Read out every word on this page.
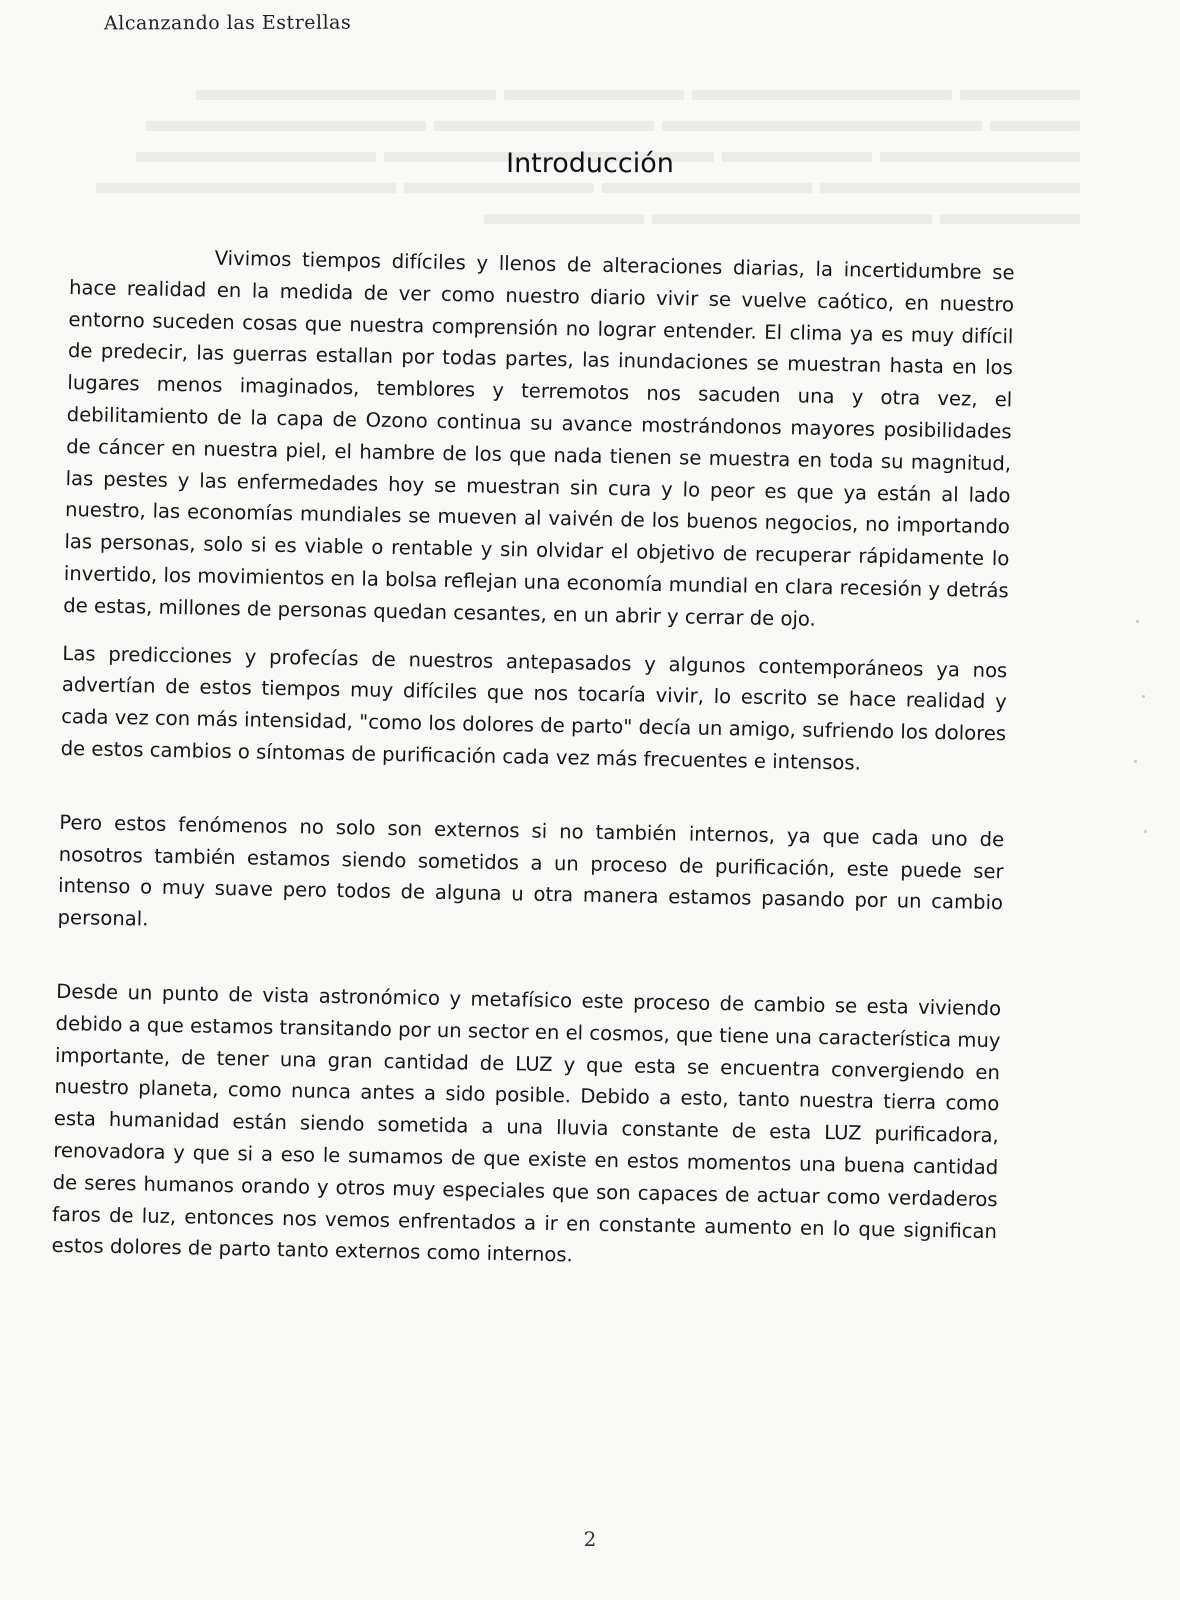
Alcanzando las Estrellas
Introducción

Vivimos tiempos difíciles y llenos de alteraciones diarias, la incertidumbre se hace realidad en la medida de ver como nuestro diario vivir se vuelve caótico, en nuestro entorno suceden cosas que nuestra comprensión no lograr entender. El clima ya es muy difícil de predecir, las guerras estallan por todas partes, las inundaciones se muestran hasta en los lugares menos imaginados, temblores y terremotos nos sacuden una y otra vez, el debilitamiento de la capa de Ozono continua su avance mostrándonos mayores posibilidades de cáncer en nuestra piel, el hambre de los que nada tienen se muestra en toda su magnitud, las pestes y las enfermedades hoy se muestran sin cura y lo peor es que ya están al lado nuestro, las economías mundiales se mueven al vaivén de los buenos negocios, no importando las personas, solo si es viable o rentable y sin olvidar el objetivo de recuperar rápidamente lo invertido, los movimientos en la bolsa reflejan una economía mundial en clara recesión y detrás de estas, millones de personas quedan cesantes, en un abrir y cerrar de ojo.

Las predicciones y profecías de nuestros antepasados y algunos contemporáneos ya nos advertían de estos tiempos muy difíciles que nos tocaría vivir, lo escrito se hace realidad y cada vez con más intensidad, "como los dolores de parto" decía un amigo, sufriendo los dolores de estos cambios o síntomas de purificación cada vez más frecuentes e intensos.

Pero estos fenómenos no solo son externos si no también internos, ya que cada uno de nosotros también estamos siendo sometidos a un proceso de purificación, este puede ser intenso o muy suave pero todos de alguna u otra manera estamos pasando por un cambio personal.

Desde un punto de vista astronómico y metafísico este proceso de cambio se esta viviendo debido a que estamos transitando por un sector en el cosmos, que tiene una característica muy importante, de tener una gran cantidad de LUZ y que esta se encuentra convergiendo en nuestro planeta, como nunca antes a sido posible. Debido a esto, tanto nuestra tierra como esta humanidad están siendo sometida a una lluvia constante de esta LUZ purificadora, renovadora y que si a eso le sumamos de que existe en estos momentos una buena cantidad de seres humanos orando y otros muy especiales que son capaces de actuar como verdaderos faros de luz, entonces nos vemos enfrentados a ir en constante aumento en lo que significan estos dolores de parto tanto externos como internos.

2
